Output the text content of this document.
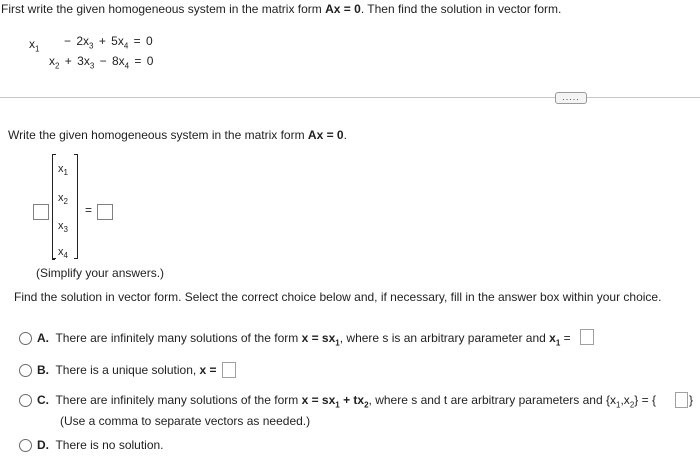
First write the given homogeneous system in the matrix form Ax = 0. Then find the solution in vector form.
$x_1$
− $2x_3 + 5x_4 = 0$
$x_2 + 3x_3 - 8x_4 = 0$
.....
Write the given homogeneous system in the matrix form Ax = 0.
$x_1$
$x_2$
$x_3$
$x_4$
=
(Simplify your answers.)
Find the solution in vector form. Select the correct choice below and, if necessary, fill in the answer box within your choice.
A. There are infinitely many solutions of the form $x = sx_1$, where s is an arbitrary parameter and $x_1$ =
B. There is a unique solution, x =
C. There are infinitely many solutions of the form $x = sx_1 + tx_2$, where s and t are arbitrary parameters and $\{x_1,x_2\}$ = {	}
(Use a comma to separate vectors as needed.)
D. There is no solution.
